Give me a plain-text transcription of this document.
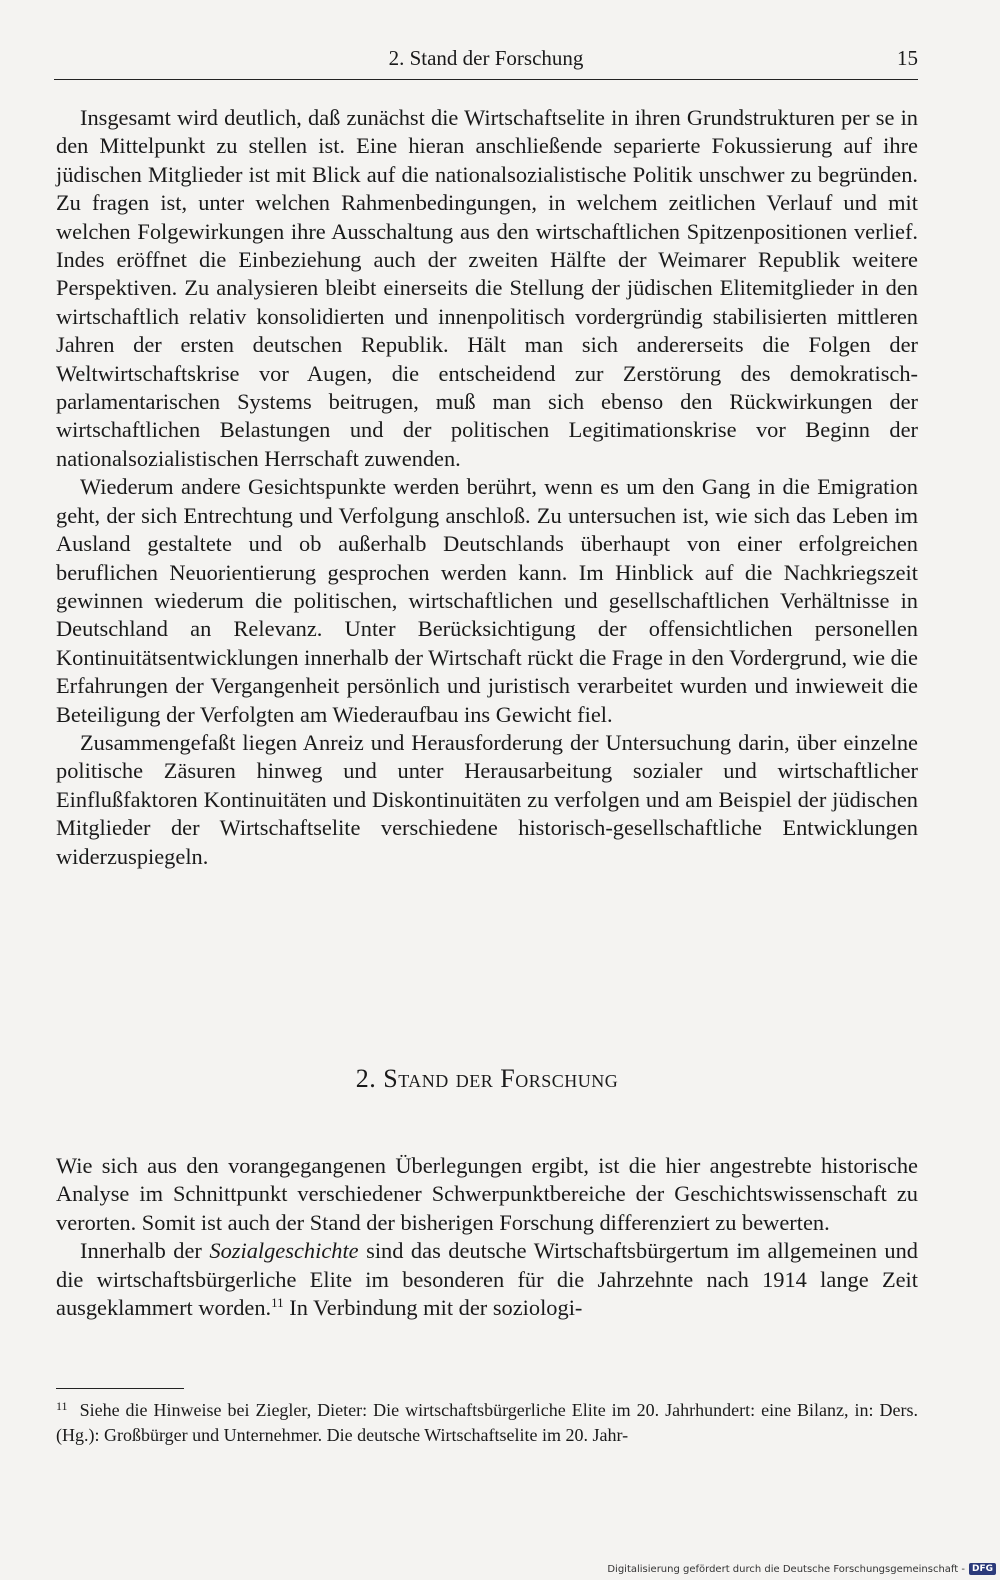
2. Stand der Forschung	15

Insgesamt wird deutlich, daß zunächst die Wirtschaftselite in ihren Grundstrukturen per se in den Mittelpunkt zu stellen ist. Eine hieran anschließende separierte Fokussierung auf ihre jüdischen Mitglieder ist mit Blick auf die nationalsozialistische Politik unschwer zu begründen. Zu fragen ist, unter welchen Rahmenbedingungen, in welchem zeitlichen Verlauf und mit welchen Folgewirkungen ihre Ausschaltung aus den wirtschaftlichen Spitzenpositionen verlief. Indes eröffnet die Einbeziehung auch der zweiten Hälfte der Weimarer Republik weitere Perspektiven. Zu analysieren bleibt einerseits die Stellung der jüdischen Elitemitglieder in den wirtschaftlich relativ konsolidierten und innenpolitisch vordergründig stabilisierten mittleren Jahren der ersten deutschen Republik. Hält man sich andererseits die Folgen der Weltwirtschaftskrise vor Augen, die entscheidend zur Zerstörung des demokratisch-parlamentarischen Systems beitrugen, muß man sich ebenso den Rückwirkungen der wirtschaftlichen Belastungen und der politischen Legitimationskrise vor Beginn der nationalsozialistischen Herrschaft zuwenden.

Wiederum andere Gesichtspunkte werden berührt, wenn es um den Gang in die Emigration geht, der sich Entrechtung und Verfolgung anschloß. Zu untersuchen ist, wie sich das Leben im Ausland gestaltete und ob außerhalb Deutschlands überhaupt von einer erfolgreichen beruflichen Neuorientierung gesprochen werden kann. Im Hinblick auf die Nachkriegszeit gewinnen wiederum die politischen, wirtschaftlichen und gesellschaftlichen Verhältnisse in Deutschland an Relevanz. Unter Berücksichtigung der offensichtlichen personellen Kontinuitätsentwicklungen innerhalb der Wirtschaft rückt die Frage in den Vordergrund, wie die Erfahrungen der Vergangenheit persönlich und juristisch verarbeitet wurden und inwieweit die Beteiligung der Verfolgten am Wiederaufbau ins Gewicht fiel.

Zusammengefaßt liegen Anreiz und Herausforderung der Untersuchung darin, über einzelne politische Zäsuren hinweg und unter Herausarbeitung sozialer und wirtschaftlicher Einflußfaktoren Kontinuitäten und Diskontinuitäten zu verfolgen und am Beispiel der jüdischen Mitglieder der Wirtschaftselite verschiedene historisch-gesellschaftliche Entwicklungen widerzuspiegeln.

2. Stand der Forschung

Wie sich aus den vorangegangenen Überlegungen ergibt, ist die hier angestrebte historische Analyse im Schnittpunkt verschiedener Schwerpunktbereiche der Geschichtswissenschaft zu verorten. Somit ist auch der Stand der bisherigen Forschung differenziert zu bewerten.

Innerhalb der Sozialgeschichte sind das deutsche Wirtschaftsbürgertum im allgemeinen und die wirtschaftsbürgerliche Elite im besonderen für die Jahrzehnte nach 1914 lange Zeit ausgeklammert worden.$^{11}$ In Verbindung mit der soziologi-

$^{11}$ Siehe die Hinweise bei Ziegler, Dieter: Die wirtschaftsbürgerliche Elite im 20. Jahrhundert: eine Bilanz, in: Ders. (Hg.): Großbürger und Unternehmer. Die deutsche Wirtschaftselite im 20. Jahr-
Digitalisierung gefördert durch die Deutsche Forschungsgemeinschaft - DFG
